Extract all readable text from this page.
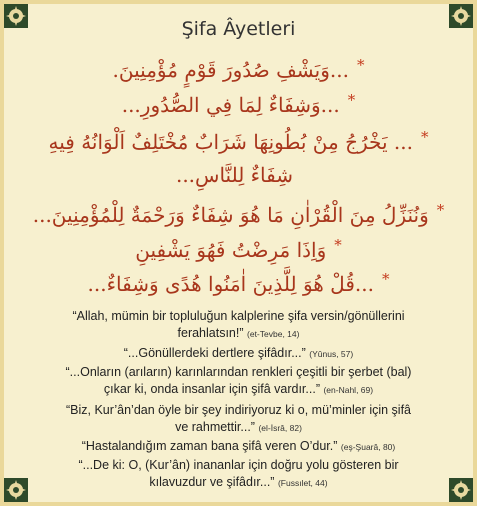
Şifa Âyetleri
*...وَيَشْفِ صُدُورَ قَوْمٍ مُؤْمِنِينَ.
*...وَشِفَاءٌ لِمَا فِي الصُّدُورِ...
*... يَخْرُجُ مِنْ بُطُونِهَا شَرَابٌ مُخْتَلِفٌ اَلْوَانُهُ فِيهِ
شِفَاءٌ لِلنَّاسِ...
*وَنُنَزِّلُ مِنَ الْقُرْاٰنِ مَا هُوَ شِفَاءٌ وَرَحْمَةٌ لِلْمُؤْمِنِينَ...
*وَاِذَا مَرِضْتُ فَهُوَ يَشْفِينِ
*...قُلْ هُوَ لِلَّذِينَ اٰمَنُوا هُدًى وَشِفَاءٌ...
“Allah, mümin bir topluluğun kalplerine şifa versin/gönüllerini
ferahlatsın!” (et-Tevbe, 14)
“...Gönüllerdeki dertlere şifâdır...” (Yûnus, 57)
“...Onların (arıların) karınlarından renkleri çeşitli bir şerbet (bal)
çıkar ki, onda insanlar için şifâ vardır...” (en-Nahl, 69)
“Biz, Kur’ân’dan öyle bir şey indiriyoruz ki o, mü’minler için şifâ
ve rahmettir...” (el-İsrâ, 82)
“Hastalandığım zaman bana şifâ veren O’dur.” (eş-Şuarâ, 80)
“...De ki: O, (Kur’ân) inananlar için doğru yolu gösteren bir
kılavuzdur ve şifâdır...” (Fussılet, 44)
